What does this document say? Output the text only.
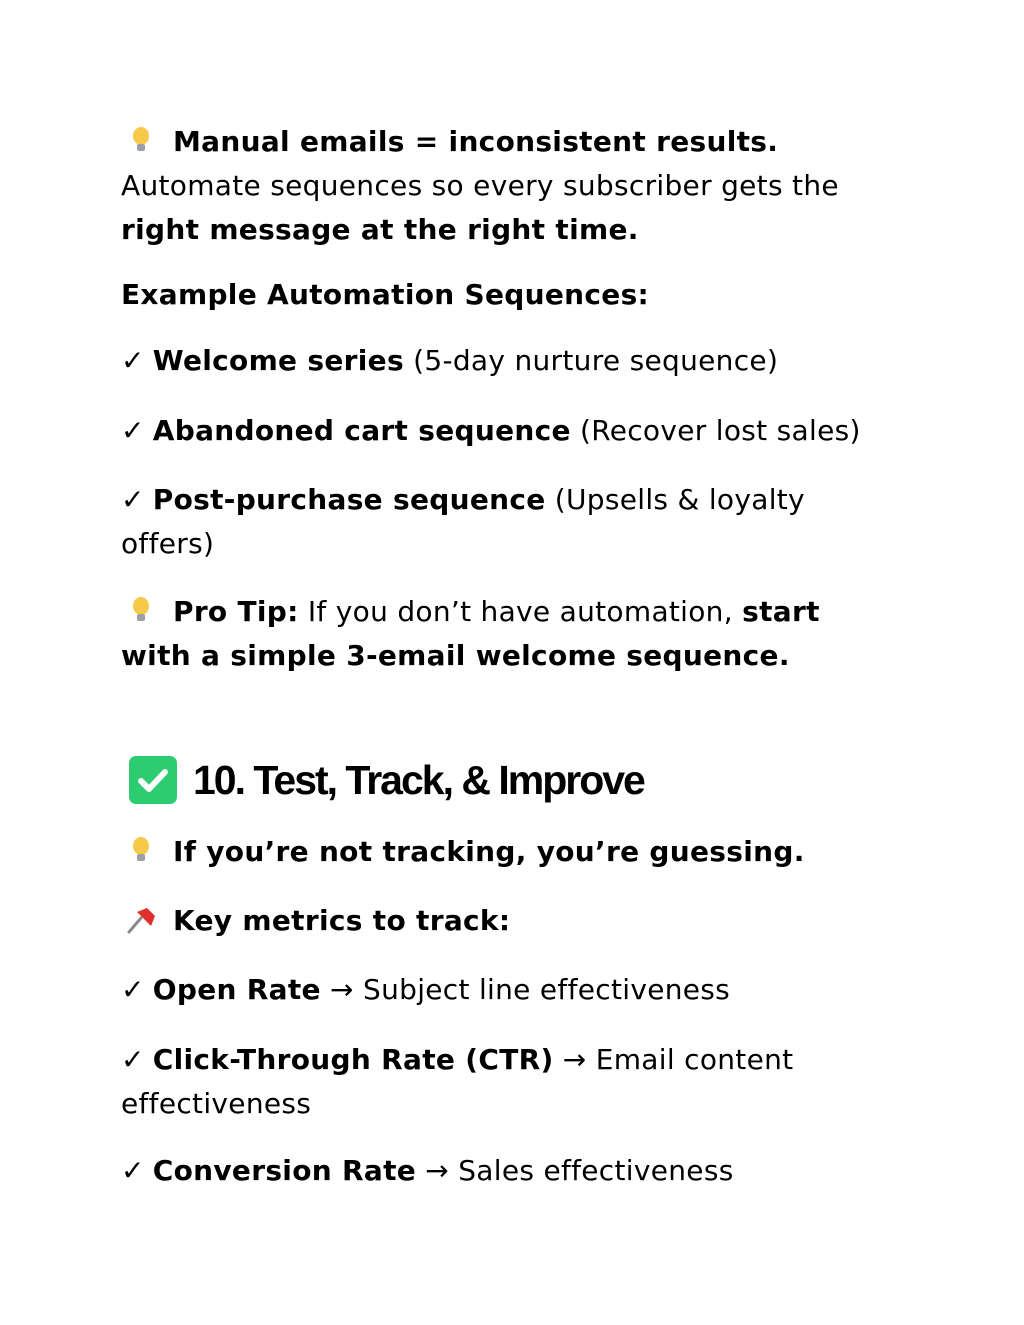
Manual emails = inconsistent results.
Automate sequences so every subscriber gets the
right message at the right time.
Example Automation Sequences:
✓ Welcome series (5-day nurture sequence)
✓ Abandoned cart sequence (Recover lost sales)
✓ Post-purchase sequence (Upsells & loyalty
offers)
Pro Tip: If you don’t have automation, start
with a simple 3-email welcome sequence.
10. Test, Track, & Improve
If you’re not tracking, you’re guessing.
Key metrics to track:
✓ Open Rate → Subject line effectiveness
✓ Click-Through Rate (CTR) → Email content
effectiveness
✓ Conversion Rate → Sales effectiveness
